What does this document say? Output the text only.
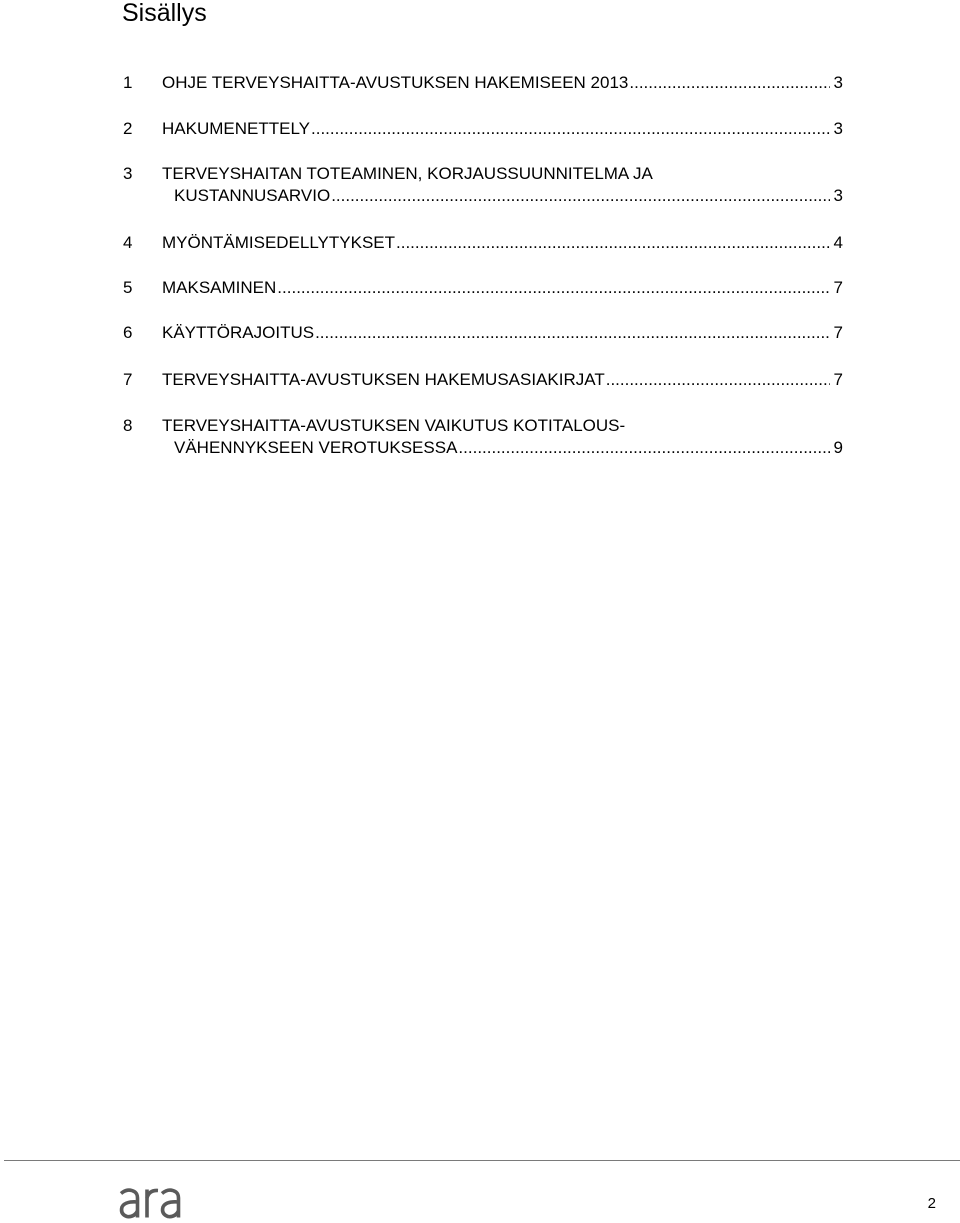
Sisällys
1 OHJE TERVEYSHAITTA-AVUSTUKSEN HAKEMISEEN 2013 .....	3
2 HAKUMENETTELY .....	3
3 TERVEYSHAITAN TOTEAMINEN, KORJAUSSUUNNITELMA JA
KUSTANNUSARVIO .....	3
4 MYÖNTÄMISEDELLYTYKSET .....	4
5 MAKSAMINEN .....	7
6 KÄYTTÖRAJOITUS .....	7
7 TERVEYSHAITTA-AVUSTUKSEN HAKEMUSASIAKIRJAT .....	7
8 TERVEYSHAITTA-AVUSTUKSEN VAIKUTUS KOTITALOUS-
VÄHENNYKSEEN VEROTUKSESSA .....	9
2
